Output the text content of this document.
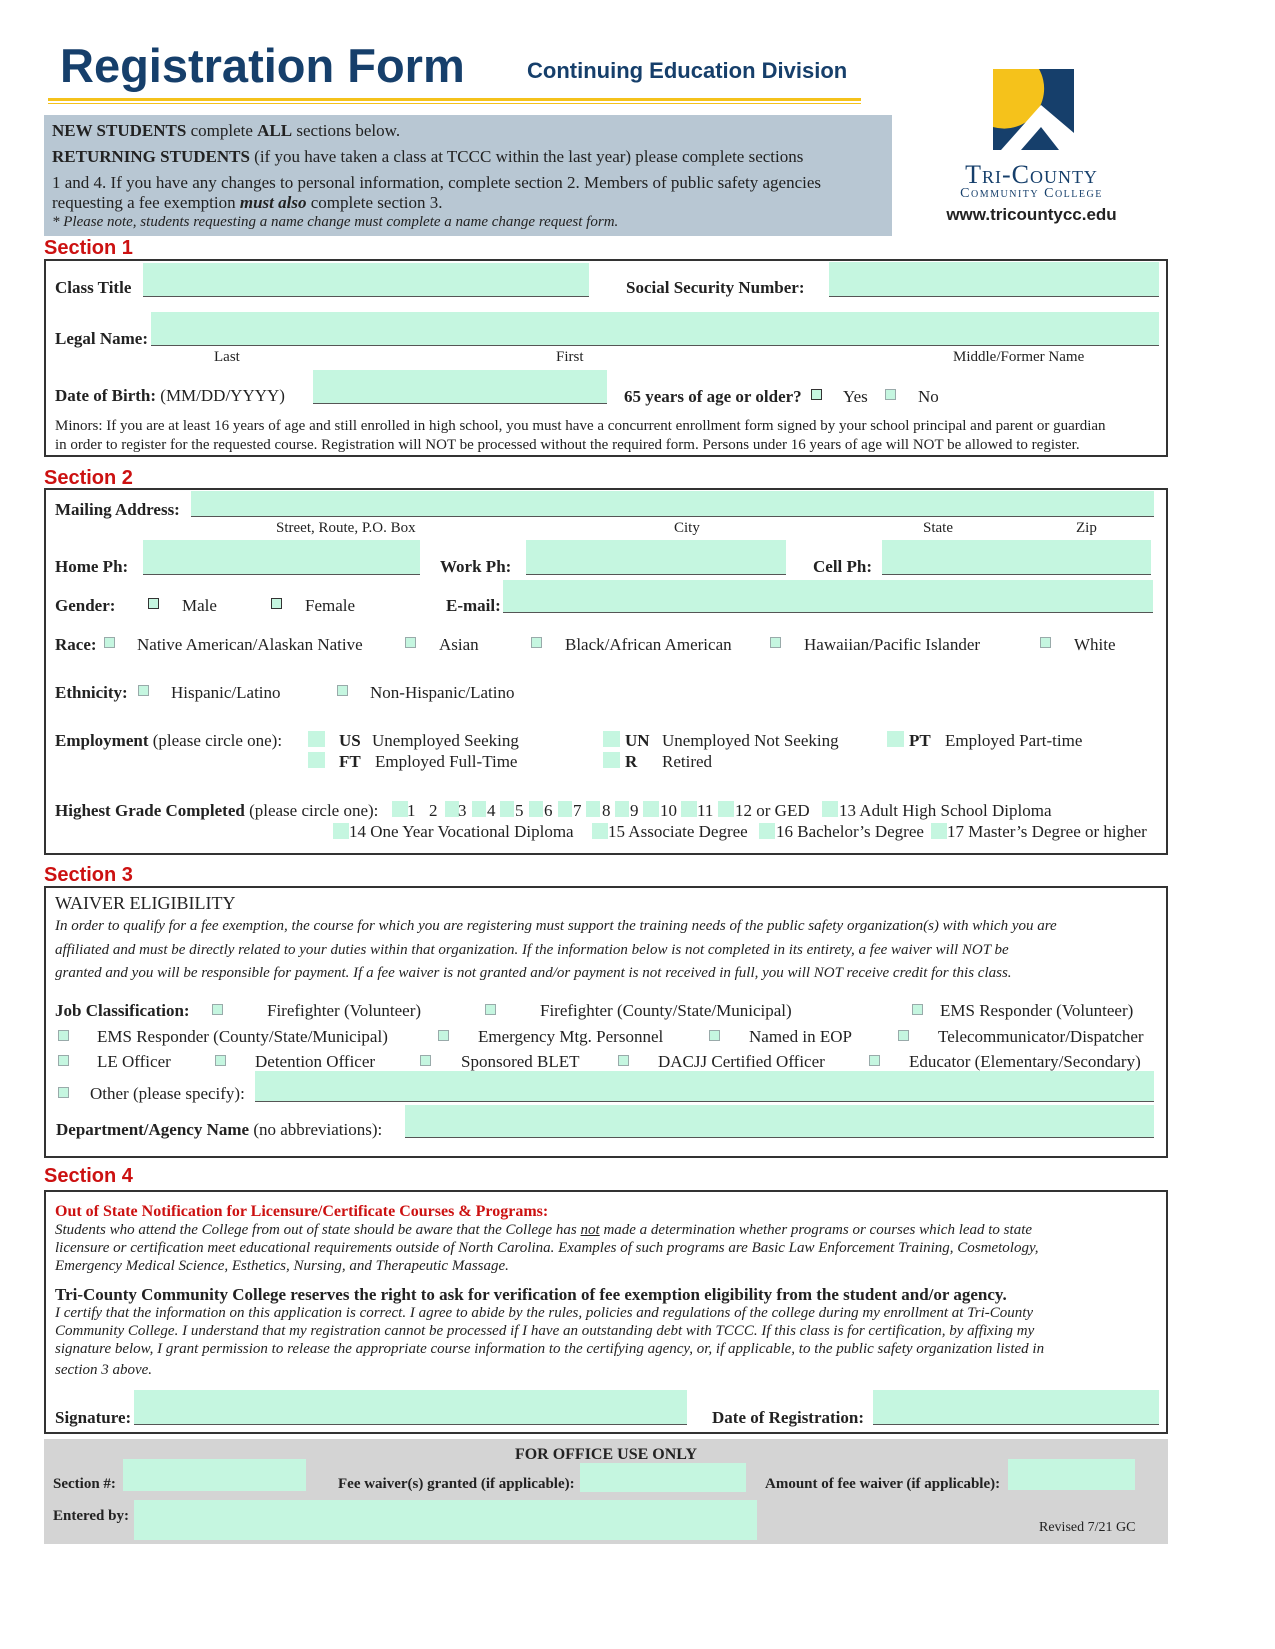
Registration Form	Continuing Education Division
Tri-County
Community College
www.tricountycc.edu
NEW STUDENTS complete ALL sections below.
RETURNING STUDENTS (if you have taken a class at TCCC within the last year) please complete sections
1 and 4. If you have any changes to personal information, complete section 2. Members of public safety agencies
requesting a fee exemption must also complete section 3.
* Please note, students requesting a name change must complete a name change request form.
Section 1
Class Title	Social Security Number:
Legal Name:
Last	First	Middle/Former Name
Date of Birth: (MM/DD/YYYY)	65 years of age or older? Yes	No
Minors: If you are at least 16 years of age and still enrolled in high school, you must have a concurrent enrollment form signed by your school principal and parent or guardian
in order to register for the requested course. Registration will NOT be processed without the required form. Persons under 16 years of age will NOT be allowed to register.
Section 2
Mailing Address:
Street, Route, P.O. Box	City	State	Zip
Home Ph:	Work Ph:	Cell Ph:
Gender:	Male	Female	E-mail:
Race: Native American/Alaskan Native	Asian	Black/African American	Hawaiian/Pacific Islander	White
Ethnicity:	Hispanic/Latino	Non-Hispanic/Latino
Employment (please circle one):	US Unemployed Seeking	UN Unemployed Not Seeking	PT Employed Part-time
FT Employed Full-Time	R Retired
Highest Grade Completed (please circle one): 1 2 3 4 5 6 7 8 9 10 11 12 or GED 13 Adult High School Diploma
14 One Year Vocational Diploma 15 Associate Degree 16 Bachelor’s Degree 17 Master’s Degree or higher
Section 3
WAIVER ELIGIBILITY
In order to qualify for a fee exemption, the course for which you are registering must support the training needs of the public safety organization(s) with which you are
affiliated and must be directly related to your duties within that organization. If the information below is not completed in its entirety, a fee waiver will NOT be
granted and you will be responsible for payment. If a fee waiver is not granted and/or payment is not received in full, you will NOT receive credit for this class.
Job Classification:	Firefighter (Volunteer)	Firefighter (County/State/Municipal)	EMS Responder (Volunteer)
EMS Responder (County/State/Municipal)	Emergency Mtg. Personnel	Named in EOP	Telecommunicator/Dispatcher
LE Officer	Detention Officer	Sponsored BLET	DACJJ Certified Officer	Educator (Elementary/Secondary)
Other (please specify):
Department/Agency Name (no abbreviations):
Section 4
Out of State Notification for Licensure/Certificate Courses & Programs:
Students who attend the College from out of state should be aware that the College has not made a determination whether programs or courses which lead to state
licensure or certification meet educational requirements outside of North Carolina. Examples of such programs are Basic Law Enforcement Training, Cosmetology,
Emergency Medical Science, Esthetics, Nursing, and Therapeutic Massage.
Tri-County Community College reserves the right to ask for verification of fee exemption eligibility from the student and/or agency.
I certify that the information on this application is correct. I agree to abide by the rules, policies and regulations of the college during my enrollment at Tri-County
Community College. I understand that my registration cannot be processed if I have an outstanding debt with TCCC. If this class is for certification, by affixing my
signature below, I grant permission to release the appropriate course information to the certifying agency, or, if applicable, to the public safety organization listed in
section 3 above.
Signature:	Date of Registration:
FOR OFFICE USE ONLY
Section #:	Fee waiver(s) granted (if applicable):	Amount of fee waiver (if applicable):
Entered by:
Revised 7/21 GC
